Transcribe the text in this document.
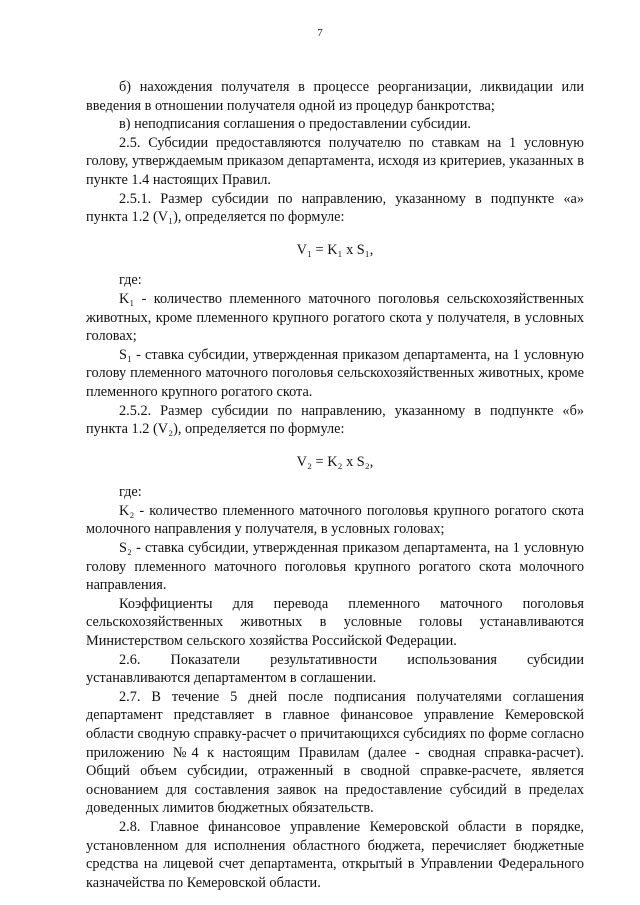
7

б) нахождения получателя в процессе реорганизации, ликвидации или введения в отношении получателя одной из процедур банкротства;

в) неподписания соглашения о предоставлении субсидии.

2.5. Субсидии предоставляются получателю по ставкам на 1 условную голову, утверждаемым приказом департамента, исходя из критериев, указанных в пункте 1.4 настоящих Правил.

2.5.1. Размер субсидии по направлению, указанному в подпункте «а» пункта 1.2 (V₁), определяется по формуле:

V₁ = K₁ x S₁,

где:

K₁ - количество племенного маточного поголовья сельскохозяйственных животных, кроме племенного крупного рогатого скота у получателя, в условных головах;

S₁ - ставка субсидии, утвержденная приказом департамента, на 1 условную голову племенного маточного поголовья сельскохозяйственных животных, кроме племенного крупного рогатого скота.

2.5.2. Размер субсидии по направлению, указанному в подпункте «б» пункта 1.2 (V₂), определяется по формуле:

V₂ = K₂ x S₂,

где:

K₂ - количество племенного маточного поголовья крупного рогатого скота молочного направления у получателя, в условных головах;

S₂ - ставка субсидии, утвержденная приказом департамента, на 1 условную голову племенного маточного поголовья крупного рогатого скота молочного направления.

Коэффициенты для перевода племенного маточного поголовья сельскохозяйственных животных в условные головы устанавливаются Министерством сельского хозяйства Российской Федерации.

2.6. Показатели результативности использования субсидии устанавливаются департаментом в соглашении.

2.7. В течение 5 дней после подписания получателями соглашения департамент представляет в главное финансовое управление Кемеровской области сводную справку-расчет о причитающихся субсидиях по форме согласно приложению №4 к настоящим Правилам (далее - сводная справка-расчет). Общий объем субсидии, отраженный в сводной справке-расчете, является основанием для составления заявок на предоставление субсидий в пределах доведенных лимитов бюджетных обязательств.

2.8. Главное финансовое управление Кемеровской области в порядке, установленном для исполнения областного бюджета, перечисляет бюджетные средства на лицевой счет департамента, открытый в Управлении Федерального казначейства по Кемеровской области.
